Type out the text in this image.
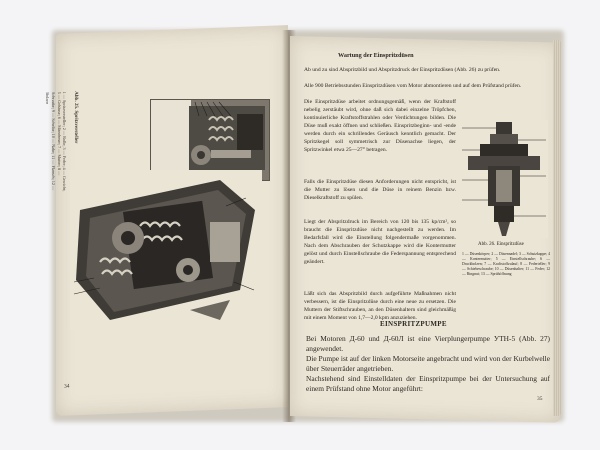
Abb. 25. Spritzversteller

1 — Spritzversteller; 2 — Rolle; 3 — Feder; 4 — Gewicht; 5 — Gehäuse; 6 — Mitnehmer; 7 — Mutter; 8 — Schraube; 9 — Scheibe; 10 — Nabe; 11 — Flansch; 12 — Bolzen

34
Wartung der Einspritzdüsen
Ab und zu sind Abspritzbild und Abspritzdruck der Einspritzdüsen (Abb. 26) zu prüfen.
Alle 900 Betriebsstunden Einspritzdüsen vom Motor abmontieren und auf dem Prüfstand prüfen.
Die Einspritzdüse arbeitet ordnungsgemäß, wenn der Kraftstoff nebelig zerstäubt wird, ohne daß sich dabei einzelne Tröpfchen, kontinuierliche Kraftstoffstrahlen oder Verdichtungen bilden. Die Düse muß exakt öffnen und schließen. Einspritzbeginn- und -ende werden durch ein schrillendes Geräusch kenntlich gemacht. Der Spritzkegel soll symmetrisch zur Düsenachse liegen, der Spritzwinkel etwa 25—27° betragen.
Falls die Einspritzdüse diesen Anforderungen nicht entspricht, ist die Mutter zu lösen und die Düse in reinem Benzin bzw. Dieselkraftstoff zu spülen.
Liegt der Abspritzdruck im Bereich von 120 bis 135 kp/cm², so braucht die Einspritzdüse nicht nachgestellt zu werden. Im Bedarfsfall wird die Einstellung folgendermaße vorgenommen. Nach dem Abschrauben der Schutzkappe wird die Kontermutter gelöst und durch Einstellschraube die Federspannung entsprechend geändert.
Läßt sich das Abspritzbild durch aufgeführte Maßnahmen nicht verbessern, ist die Einspritzdüse durch eine neue zu ersetzen. Die Muttern der Stiftschrauben, an den Düsenhaltern sind gleichmäßig mit einem Moment von 1,7—2,0 kpm anzuziehen.
Abb. 26. Einspritzdüse
1 — Düsenkörper; 2 — Düsennadel; 3 — Schutzkappe; 4 — Kontermutter; 5 — Einstellschraube; 6 — Druckbolzen; 7 — Kraftstoffzulauf; 8 — Federteller; 9 — Schiebeschraube; 10 — Düsenhalter; 11 — Feder; 12 — Ringnut; 13 — Sprühöffnung
EINSPRITZPUMPE
Bei Motoren Д-60 und Д-60Л ist eine Vierplungerpumpe УТН-5 (Abb. 27) angewendet.
Die Pumpe ist auf der linken Motorseite angebracht und wird von der Kurbelwelle über Steuerräder angetrieben.
Nachstehend sind Einstelldaten der Einspritzpumpe bei der Untersuchung auf einem Prüfstand ohne Motor angeführt:
35
